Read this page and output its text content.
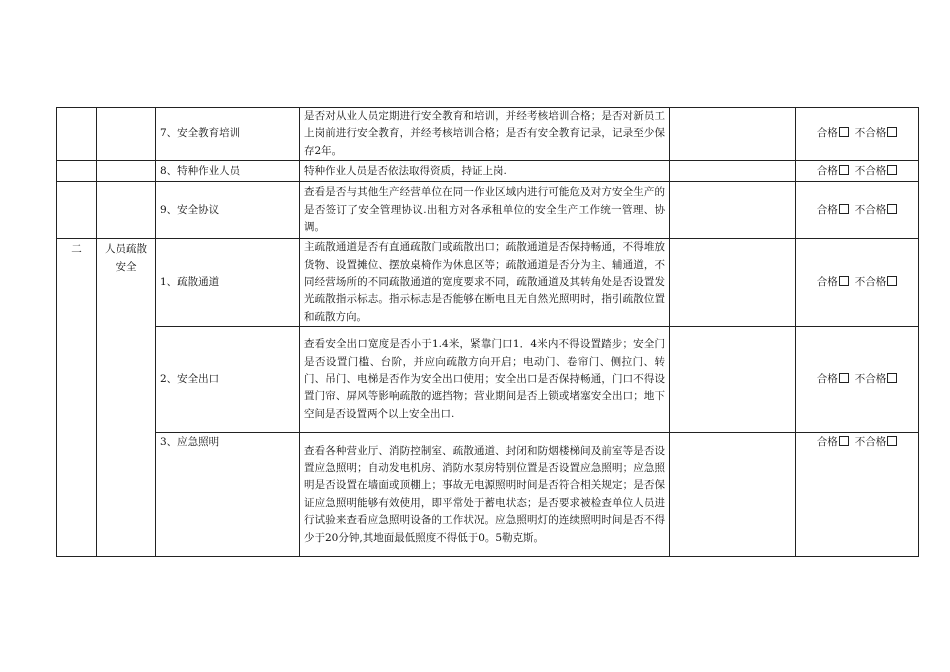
		7、安全教育培训	是否对从业人员定期进行安全教育和培训，并经考核培训合格；是否对新员工上岗前进行安全教育，并经考核培训合格；是否有安全教育记录，记录至少保存2年。		合格 不合格
		8、特种作业人员	特种作业人员是否依法取得资质，持证上岗.		合格 不合格
		9、安全协议	查看是否与其他生产经营单位在同一作业区域内进行可能危及对方安全生产的是否签订了安全管理协议.出租方对各承租单位的安全生产工作统一管理、协调。		合格 不合格
二	人员疏散安全	1、疏散通道	主疏散通道是否有直通疏散门或疏散出口；疏散通道是否保持畅通，不得堆放货物、设置摊位、摆放桌椅作为休息区等；疏散通道是否分为主、辅通道，不同经营场所的不同疏散通道的宽度要求不同，疏散通道及其转角处是否设置发光疏散指示标志。指示标志是否能够在断电且无自然光照明时，指引疏散位置和疏散方向。		合格 不合格
		2、安全出口	查看安全出口宽度是否小于1.4米，紧靠门口1．4米内不得设置踏步；安全门是否设置门槛、台阶，并应向疏散方向开启；电动门、卷帘门、侧拉门、转门、吊门、电梯是否作为安全出口使用；安全出口是否保持畅通，门口不得设置门帘、屏风等影响疏散的遮挡物；营业期间是否上锁或堵塞安全出口；地下空间是否设置两个以上安全出口.		合格 不合格
		3、应急照明	查看各种营业厅、消防控制室、疏散通道、封闭和防烟楼梯间及前室等是否设置应急照明；自动发电机房、消防水泵房特别位置是否设置应急照明；应急照明是否设置在墙面或顶棚上；事故无电源照明时间是否符合相关规定；是否保证应急照明能够有效使用，即平常处于蓄电状态；是否要求被检查单位人员进行试验来查看应急照明设备的工作状况。应急照明灯的连续照明时间是否不得少于20分钟,其地面最低照度不得低于0。5勒克斯。		合格 不合格
